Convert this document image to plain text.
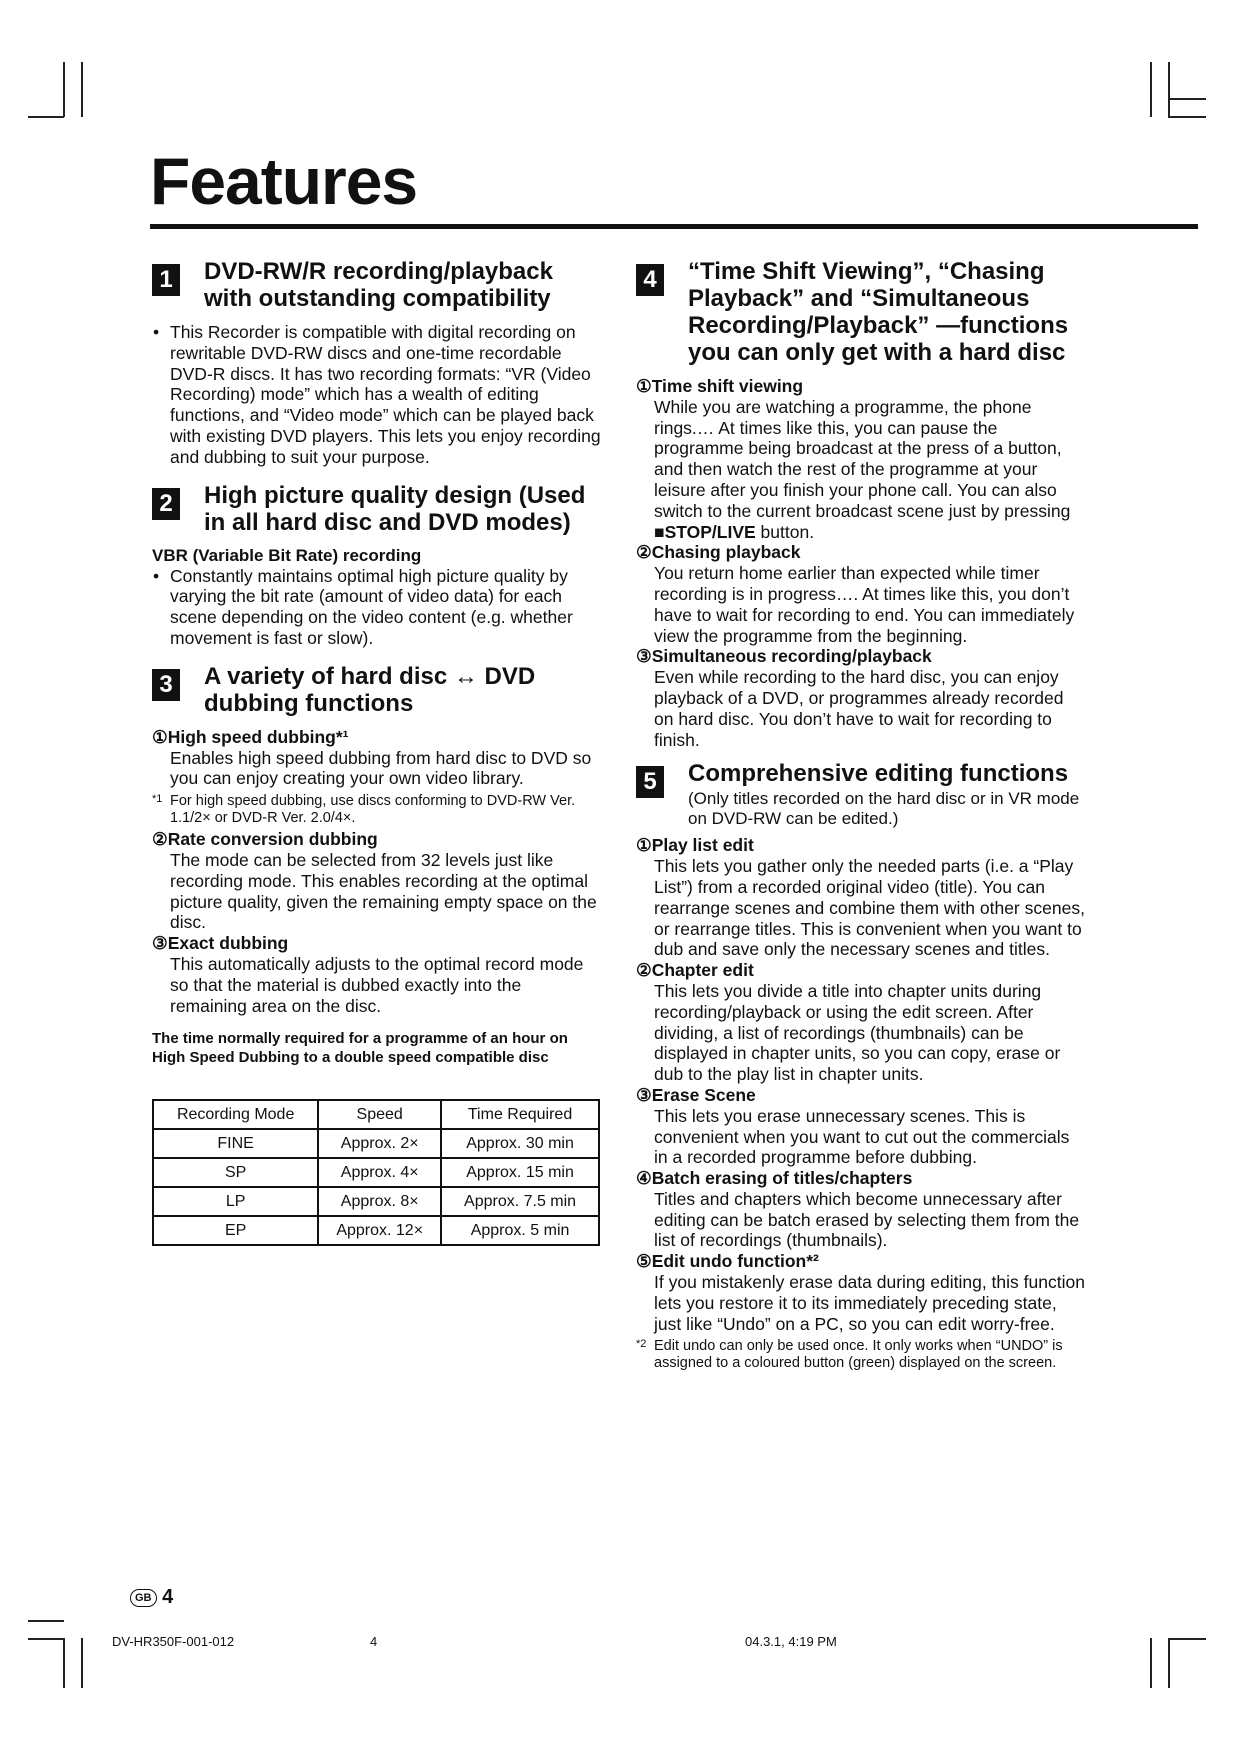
Features
1	DVD-RW/R recording/playback with outstanding compatibility

• This Recorder is compatible with digital recording on rewritable DVD-RW discs and one-time recordable DVD-R discs. It has two recording formats: “VR (Video Recording) mode” which has a wealth of editing functions, and “Video mode” which can be played back with existing DVD players. This lets you enjoy recording and dubbing to suit your purpose.

2	High picture quality design (Used in all hard disc and DVD modes)

VBR (Variable Bit Rate) recording

• Constantly maintains optimal high picture quality by varying the bit rate (amount of video data) for each scene depending on the video content (e.g. whether movement is fast or slow).

3	A variety of hard disc ↔ DVD dubbing functions

①High speed dubbing*¹

Enables high speed dubbing from hard disc to DVD so you can enjoy creating your own video library.

*1 For high speed dubbing, use discs conforming to DVD-RW Ver. 1.1/2× or DVD-R Ver. 2.0/4×.

②Rate conversion dubbing

The mode can be selected from 32 levels just like recording mode. This enables recording at the optimal picture quality, given the remaining empty space on the disc.

③Exact dubbing

This automatically adjusts to the optimal record mode so that the material is dubbed exactly into the remaining area on the disc.

The time normally required for a programme of an hour on High Speed Dubbing to a double speed compatible disc

Recording Mode	Speed	Time Required
FINE	Approx. 2×	Approx. 30 min
SP	Approx. 4×	Approx. 15 min
LP	Approx. 8×	Approx. 7.5 min
EP	Approx. 12×	Approx. 5 min
4	“Time Shift Viewing”, “Chasing Playback” and “Simultaneous Recording/Playback” —functions you can only get with a hard disc

①Time shift viewing

While you are watching a programme, the phone rings.… At times like this, you can pause the programme being broadcast at the press of a button, and then watch the rest of the programme at your leisure after you finish your phone call. You can also switch to the current broadcast scene just by pressing ■STOP/LIVE button.

②Chasing playback

You return home earlier than expected while timer recording is in progress…. At times like this, you don’t have to wait for recording to end. You can immediately view the programme from the beginning.

③Simultaneous recording/playback

Even while recording to the hard disc, you can enjoy playback of a DVD, or programmes already recorded on hard disc. You don’t have to wait for recording to finish.

5	Comprehensive editing functions

(Only titles recorded on the hard disc or in VR mode on DVD-RW can be edited.)

①Play list edit

This lets you gather only the needed parts (i.e. a “Play List”) from a recorded original video (title). You can rearrange scenes and combine them with other scenes, or rearrange titles. This is convenient when you want to dub and save only the necessary scenes and titles.

②Chapter edit

This lets you divide a title into chapter units during recording/playback or using the edit screen. After dividing, a list of recordings (thumbnails) can be displayed in chapter units, so you can copy, erase or dub to the play list in chapter units.

③Erase Scene

This lets you erase unnecessary scenes. This is convenient when you want to cut out the commercials in a recorded programme before dubbing.

④Batch erasing of titles/chapters

Titles and chapters which become unnecessary after editing can be batch erased by selecting them from the list of recordings (thumbnails).

⑤Edit undo function*²

If you mistakenly erase data during editing, this function lets you restore it to its immediately preceding state, just like “Undo” on a PC, so you can edit worry-free.

*2 Edit undo can only be used once. It only works when “UNDO” is assigned to a coloured button (green) displayed on the screen.

GB 4
DV-HR350F-001-012	4	04.3.1, 4:19 PM
